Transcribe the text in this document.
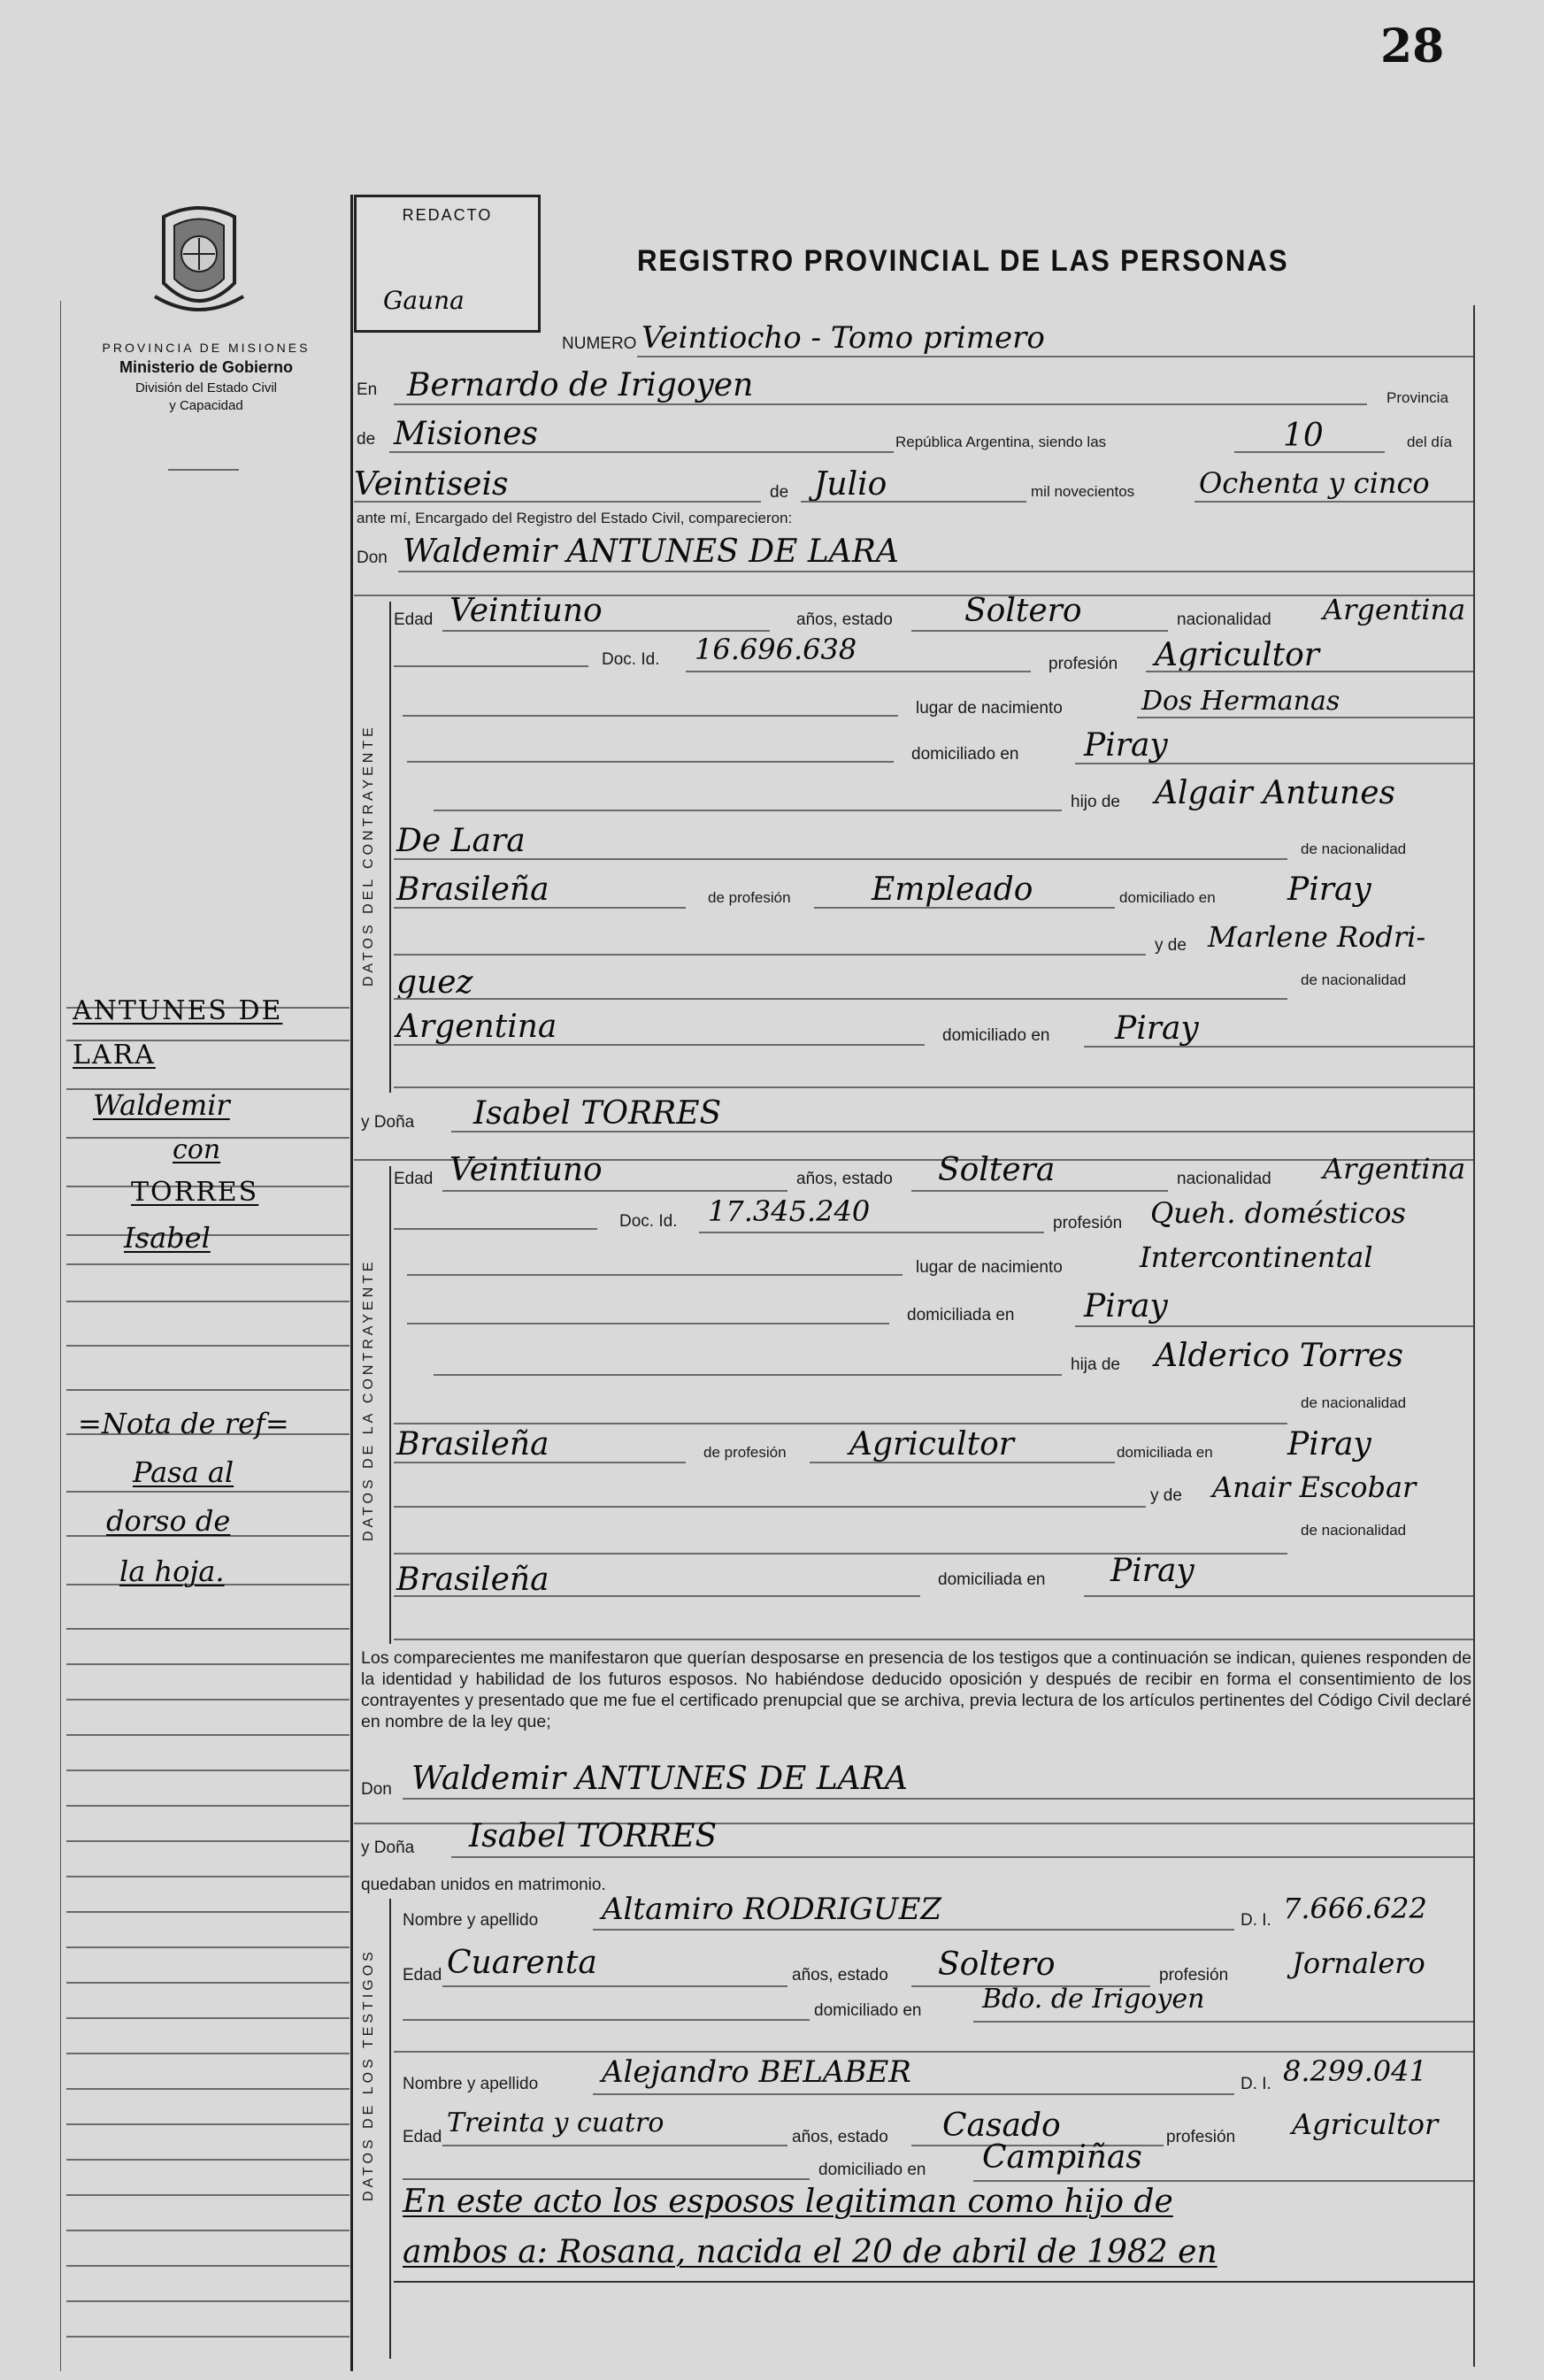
28
PROVINCIA DE MISIONES
Ministerio de Gobierno
División del Estado Civil
y Capacidad
REDACTO
Gauna
REGISTRO PROVINCIAL DE LAS PERSONAS
NUMERO Veintiocho - Tomo primero
En Bernardo de Irigoyen	Provincia
de Misiones	República Argentina, siendo las	10	del día
Veintiseis	de Julio	mil novecientos Ochenta y cinco
ante mí, Encargado del Registro del Estado Civil, comparecieron:
Don Waldemir ANTUNES DE LARA
DATOS DEL CONTRAYENTE
Edad Veintiuno	años, estado Soltero	nacionalidad Argentina
Doc. Id. 16.696.638	profesión Agricultor
lugar de nacimiento	Dos Hermanas
domiciliado en Piray
hijo de Algair Antunes
De Lara	de nacionalidad
Brasileña	de profesión	Empleado	domiciliado en Piray
y de Marlene Rodri-
guez	de nacionalidad
Argentina	domiciliado en Piray
y Doña Isabel TORRES
DATOS DE LA CONTRAYENTE
Edad Veintiuno	años, estado Soltera	nacionalidad Argentina
Doc. Id. 17.345.240	profesión Queh. domésticos
lugar de nacimiento	Intercontinental
domiciliada en Piray
hija de Alderico Torres
de nacionalidad
Brasileña	de profesión Agricultor	domiciliada en Piray
y de Anair Escobar
de nacionalidad
Brasileña	domiciliada en Piray
Los comparecientes me manifestaron que querían desposarse en presencia de los testigos que a continuación se indican, quienes responden de la identidad y habilidad de los futuros esposos. No habiéndose deducido oposición y después de recibir en forma el consentimiento de los contrayentes y presentado que me fue el certificado prenupcial que se archiva, previa lectura de los artículos pertinentes del Código Civil declaré en nombre de la ley que;
Don Waldemir ANTUNES DE LARA
y Doña Isabel TORRES
quedaban unidos en matrimonio.
DATOS DE LOS TESTIGOS
Nombre y apellido Altamiro RODRIGUEZ	D. I. 7.666.622
Edad Cuarenta	años, estado Soltero	profesión Jornalero
domiciliado en Bdo. de Irigoyen
Nombre y apellido Alejandro BELABER	D. I. 8.299.041
Edad Treinta y cuatro	años, estado Casado	profesión Agricultor
domiciliado en Campiñas
En este acto los esposos legitiman como hijo de
ambos a: Rosana, nacida el 20 de abril de 1982 en
ANTUNES DE
LARA
Waldemir
con
TORRES
Isabel
=Nota de ref=
Pasa al
dorso de
la hoja.
